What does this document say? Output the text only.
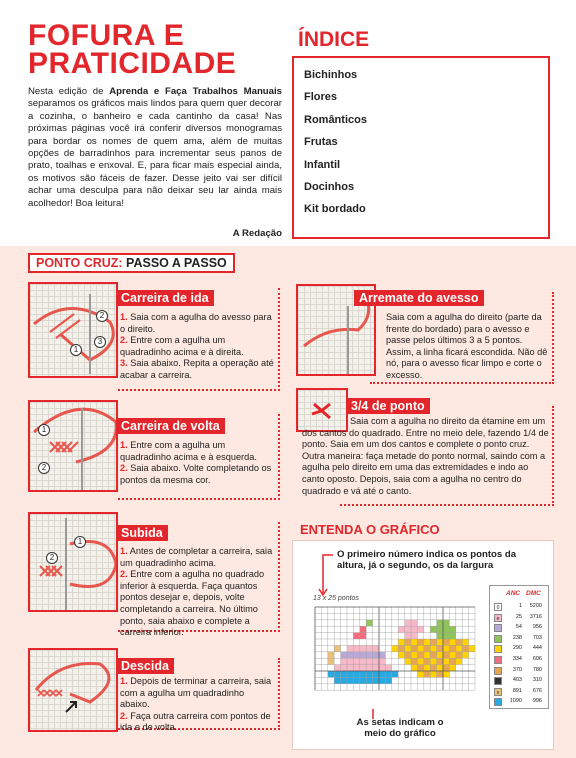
FOFURA E
PRATICIDADE
Nesta edição de Aprenda e Faça Trabalhos Manuais separamos os gráficos mais lindos para quem quer decorar a cozinha, o banheiro e cada cantinho da casa! Nas próximas páginas você irá conferir diversos monogramas para bordar os nomes de quem ama, além de muitas opções de barradinhos para incrementar seus panos de prato, toalhas e enxoval. E, para ficar mais especial ainda, os motivos são fáceis de fazer. Desse jeito vai ser difícil achar uma desculpa para não deixar seu lar ainda mais acolhedor! Boa leitura!
A Redação
ÍNDICE
Bichinhos
Flores
Românticos
Frutas
Infantil
Docinhos
Kit bordado
PONTO CRUZ: PASSO A PASSO
2
3
1
Carreira de ida
1. Saia com a agulha do avesso para o direito.
2. Entre com a agulha um quadradinho acima e à direita.
3. Saia abaixo. Repita a operação até acabar a carreira.
1
2
Carreira de volta
1. Entre com a agulha um quadradinho acima e à esquerda.
2. Saia abaixo. Volte completando os pontos da mesma cor.
1
2
Subida
1. Antes de completar a carreira, saia um quadradinho acima.
2. Entre com a agulha no quadrado inferior à esquerda. Faça quantos pontos desejar e, depois, volte completando a carreira. No último ponto, saia abaixo e complete a carreira inferior.
Descida
1. Depois de terminar a carreira, saia com a agulha um quadradinho abaixo.
2. Faça outra carreira com pontos de ida e de volta.
Arremate do avesso
Saia com a agulha do direito (parte da frente do bordado) para o avesso e passe pelos últimos 3 a 5 pontos. Assim, a linha ficará escondida. Não dê nó, para o avesso ficar limpo e corte o excesso.
3/4 de ponto
Saia com a agulha no direito da étamine em um dos cantos do quadrado. Entre no meio dele, fazendo 1/4 de ponto. Saia em um dos cantos e complete o ponto cruz. Outra maneira: faça metade do ponto normal, saindo com a agulha pelo direito em uma das extremidades e indo ao canto oposto. Depois, saia com a agulha no centro do quadrado e vá até o canto.
ENTENDA O GRÁFICO
O primeiro número indica os pontos da altura, já o segundo, os da largura
13 x 25 pontos
As setas indicam o meio do gráfico
ANC DMC
0	1	5200
e	25	3716
54	956
238	703
290	444
334	606
370	780
403	310
v	891	676
1090	996
